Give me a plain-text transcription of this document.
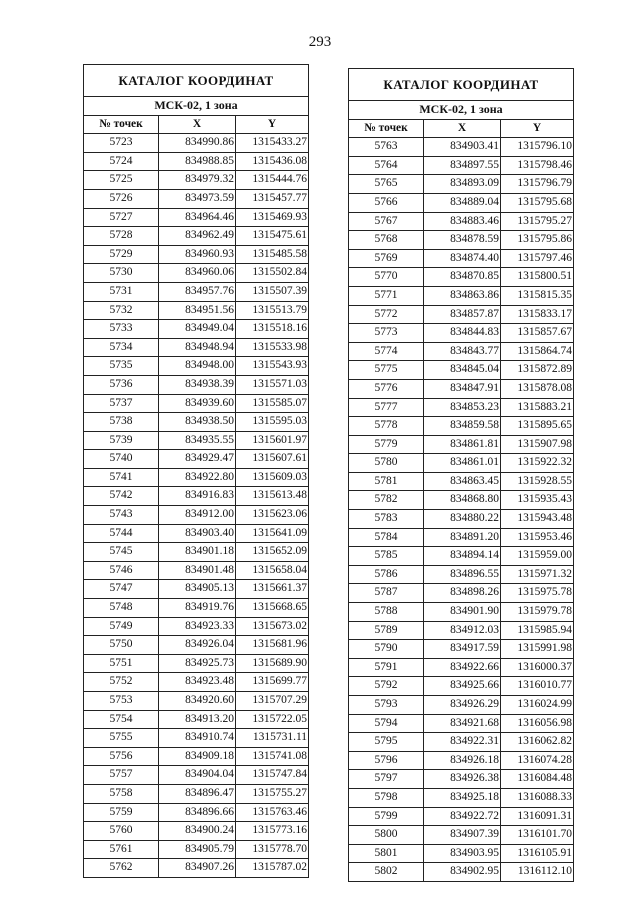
293
КАТАЛОГ КООРДИНАТ		
МСК-02, 1 зона		
№ точек	X	Y
5723	834990.86	1315433.27
5724	834988.85	1315436.08
5725	834979.32	1315444.76
5726	834973.59	1315457.77
5727	834964.46	1315469.93
5728	834962.49	1315475.61
5729	834960.93	1315485.58
5730	834960.06	1315502.84
5731	834957.76	1315507.39
5732	834951.56	1315513.79
5733	834949.04	1315518.16
5734	834948.94	1315533.98
5735	834948.00	1315543.93
5736	834938.39	1315571.03
5737	834939.60	1315585.07
5738	834938.50	1315595.03
5739	834935.55	1315601.97
5740	834929.47	1315607.61
5741	834922.80	1315609.03
5742	834916.83	1315613.48
5743	834912.00	1315623.06
5744	834903.40	1315641.09
5745	834901.18	1315652.09
5746	834901.48	1315658.04
5747	834905.13	1315661.37
5748	834919.76	1315668.65
5749	834923.33	1315673.02
5750	834926.04	1315681.96
5751	834925.73	1315689.90
5752	834923.48	1315699.77
5753	834920.60	1315707.29
5754	834913.20	1315722.05
5755	834910.74	1315731.11
5756	834909.18	1315741.08
5757	834904.04	1315747.84
5758	834896.47	1315755.27
5759	834896.66	1315763.46
5760	834900.24	1315773.16
5761	834905.79	1315778.70
5762	834907.26	1315787.02
КАТАЛОГ КООРДИНАТ		
МСК-02, 1 зона		
№ точек	X	Y
5763	834903.41	1315796.10
5764	834897.55	1315798.46
5765	834893.09	1315796.79
5766	834889.04	1315795.68
5767	834883.46	1315795.27
5768	834878.59	1315795.86
5769	834874.40	1315797.46
5770	834870.85	1315800.51
5771	834863.86	1315815.35
5772	834857.87	1315833.17
5773	834844.83	1315857.67
5774	834843.77	1315864.74
5775	834845.04	1315872.89
5776	834847.91	1315878.08
5777	834853.23	1315883.21
5778	834859.58	1315895.65
5779	834861.81	1315907.98
5780	834861.01	1315922.32
5781	834863.45	1315928.55
5782	834868.80	1315935.43
5783	834880.22	1315943.48
5784	834891.20	1315953.46
5785	834894.14	1315959.00
5786	834896.55	1315971.32
5787	834898.26	1315975.78
5788	834901.90	1315979.78
5789	834912.03	1315985.94
5790	834917.59	1315991.98
5791	834922.66	1316000.37
5792	834925.66	1316010.77
5793	834926.29	1316024.99
5794	834921.68	1316056.98
5795	834922.31	1316062.82
5796	834926.18	1316074.28
5797	834926.38	1316084.48
5798	834925.18	1316088.33
5799	834922.72	1316091.31
5800	834907.39	1316101.70
5801	834903.95	1316105.91
5802	834902.95	1316112.10
